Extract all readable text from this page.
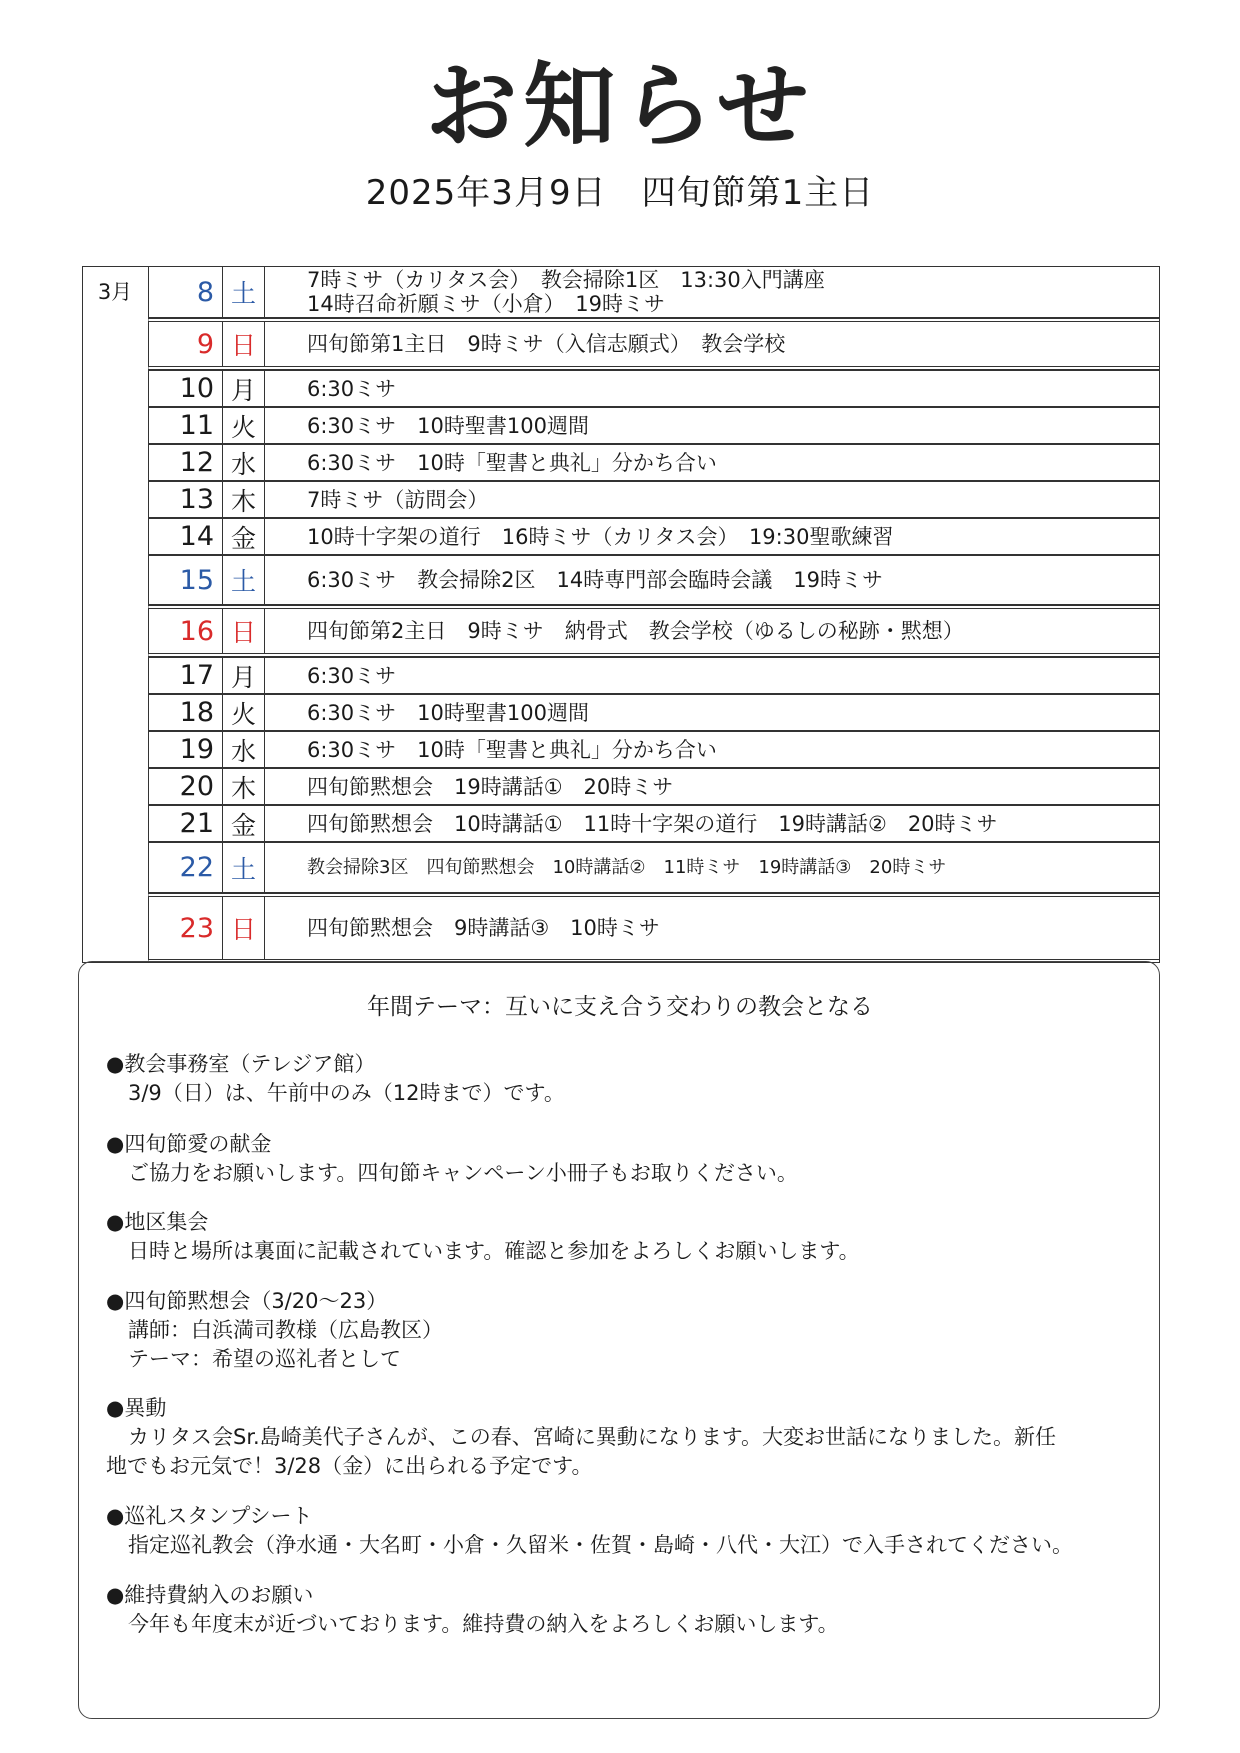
お知らせ
2025年3月9日　四旬節第1主日
3月	8 土	7時ミサ（カリタス会）　教会掃除1区　13:30入門講座
14時召命祈願ミサ（小倉）　19時ミサ
9 日	四旬節第1主日　9時ミサ（入信志願式）　教会学校
10 月	6:30ミサ
11 火	6:30ミサ　10時聖書100週間
12 水	6:30ミサ　10時「聖書と典礼」分かち合い
13 木	7時ミサ（訪問会）
14 金	10時十字架の道行　16時ミサ（カリタス会）　19:30聖歌練習
15 土	6:30ミサ　教会掃除2区　14時専門部会臨時会議　19時ミサ
16 日	四旬節第2主日　9時ミサ　納骨式　教会学校（ゆるしの秘跡・黙想）
17 月	6:30ミサ
18 火	6:30ミサ　10時聖書100週間
19 水	6:30ミサ　10時「聖書と典礼」分かち合い
20 木	四旬節黙想会　19時講話①　20時ミサ
21 金	四旬節黙想会　10時講話①　11時十字架の道行　19時講話②　20時ミサ
22 土	教会掃除3区　四旬節黙想会　10時講話②　11時ミサ　19時講話③　20時ミサ
23 日	四旬節黙想会　9時講話③　10時ミサ
年間テーマ：互いに支え合う交わりの教会となる
●教会事務室（テレジア館）
3/9（日）は、午前中のみ（12時まで）です。
●四旬節愛の献金
ご協力をお願いします。四旬節キャンペーン小冊子もお取りください。
●地区集会
日時と場所は裏面に記載されています。確認と参加をよろしくお願いします。
●四旬節黙想会（3/20～23）
講師：白浜満司教様（広島教区）
テーマ：希望の巡礼者として
●異動
カリタス会Sr.島崎美代子さんが、この春、宮崎に異動になります。大変お世話になりました。新任
地でもお元気で！3/28（金）に出られる予定です。
●巡礼スタンプシート
指定巡礼教会（浄水通・大名町・小倉・久留米・佐賀・島崎・八代・大江）で入手されてください。
●維持費納入のお願い
今年も年度末が近づいております。維持費の納入をよろしくお願いします。
